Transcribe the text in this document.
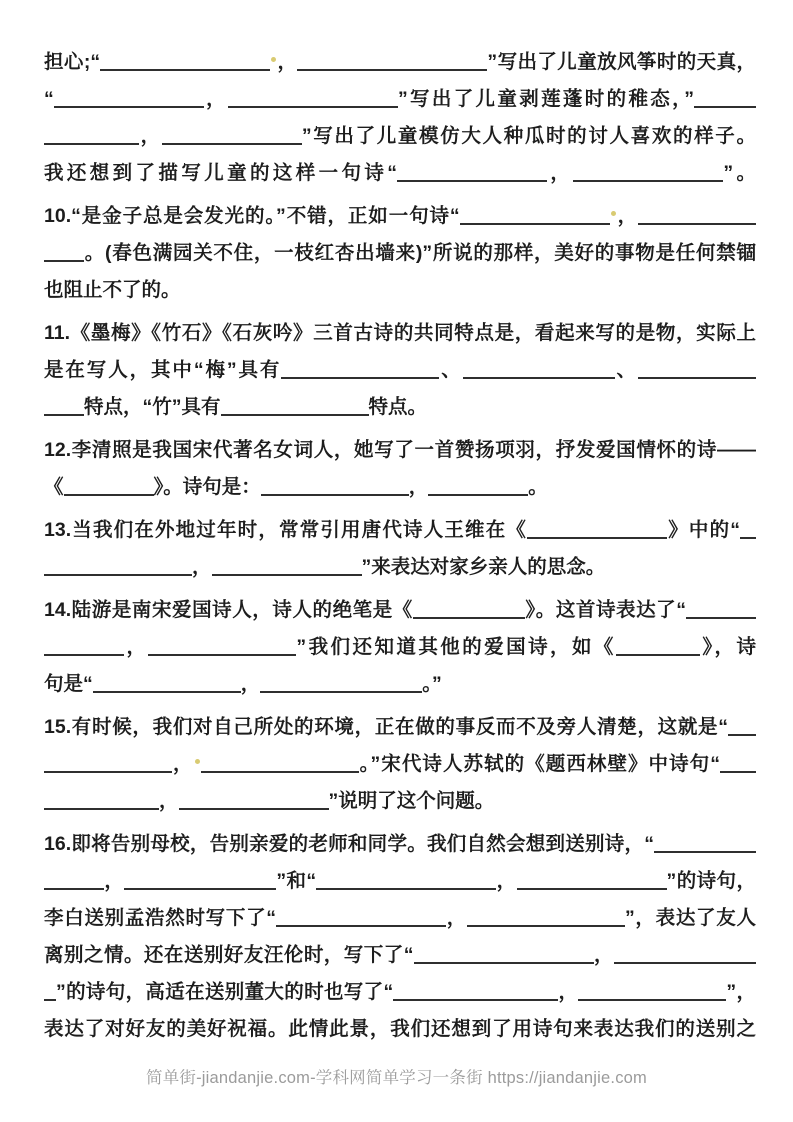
担心;“	，	”写出了儿童放风筝时的天真，
“	，	”写出了儿童剥莲蓬时的稚态，”
，	”写出了儿童模仿大人种瓜时的讨人喜欢的样子。
我还想到了描写儿童的这样一句诗“	，	”。
10.“是金子总是会发光的。”不错，正如一句诗“	，
。(春色满园关不住，一枝红杏出墙来)”所说的那样，美好的事物是任何禁锢
也阻止不了的。
11.《墨梅》《竹石》《石灰吟》三首古诗的共同特点是，看起来写的是物，实际上
是在写人，其中“梅”具有	、	、
特点，“竹”具有	特点。
12.李清照是我国宋代著名女词人，她写了一首赞扬项羽，抒发爱国情怀的诗——
《	》。诗句是：	，	。
13.当我们在外地过年时，常常引用唐代诗人王维在《	》中的“
，	”来表达对家乡亲人的思念。
14.陆游是南宋爱国诗人，诗人的绝笔是《	》。这首诗表达了“
，	”我们还知道其他的爱国诗，如《	》，诗
句是“	，	。”
15.有时候，我们对自己所处的环境，正在做的事反而不及旁人清楚，这就是“
，	。”宋代诗人苏轼的《题西林壁》中诗句“
，	”说明了这个问题。
16.即将告别母校，告别亲爱的老师和同学。我们自然会想到送别诗，“
，	”和“	，	”的诗句，
李白送别孟浩然时写下了“	，	”，表达了友人
离别之情。还在送别好友汪伦时，写下了“	，
”的诗句，高适在送别董大的时也写了“	，	”，
表达了对好友的美好祝福。此情此景，我们还想到了用诗句来表达我们的送别之
简单街-jiandanjie.com-学科网简单学习一条街 https://jiandanjie.com
